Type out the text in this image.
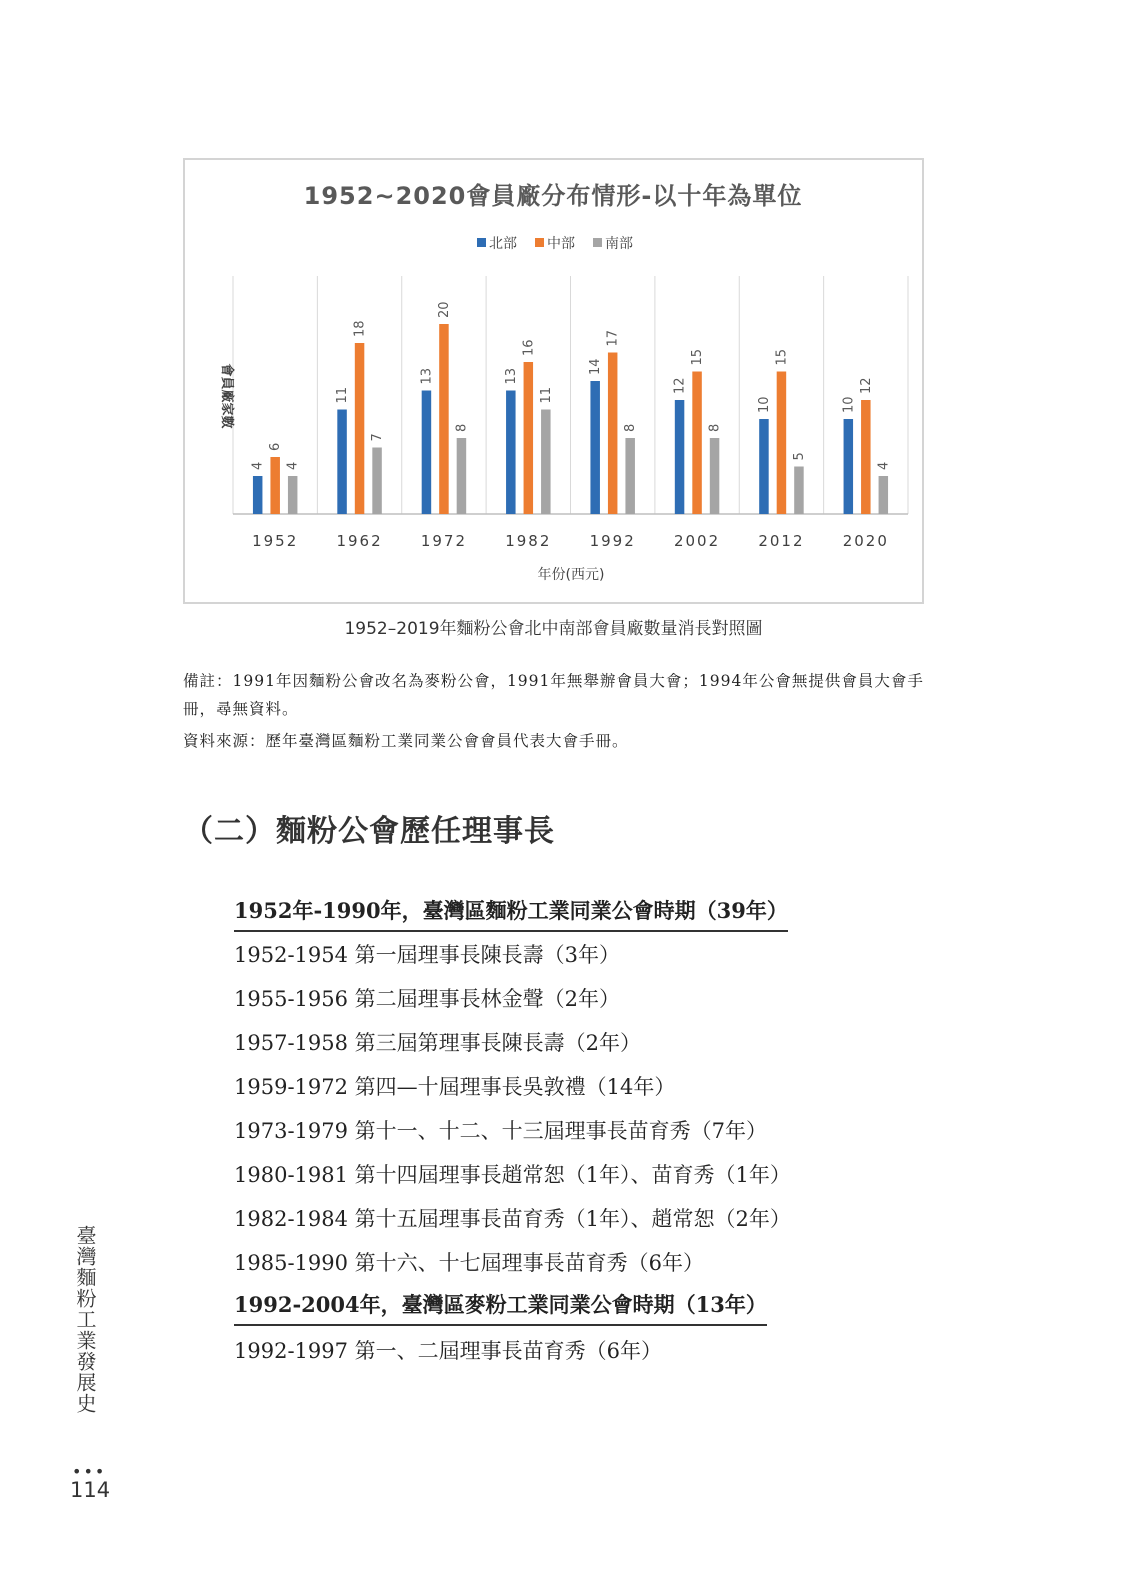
1952~2020會員廠分布情形-以十年為單位
北部 中部 南部
4
6
4
1952
11
18
7
1962
13
20
8
1972
13
16
11
1982
14
17
8
1992
12
15
8
2002
10
15
5
2012
10
12
4
2020
年份(西元)
會員廠家數
1952–2019年麵粉公會北中南部會員廠數量消長對照圖
備註：1991年因麵粉公會改名為麥粉公會，1991年無舉辦會員大會；1994年公會無提供會員大會手冊，尋無資料。
資料來源：歷年臺灣區麵粉工業同業公會會員代表大會手冊。
（二）麵粉公會歷任理事長
1952年-1990年，臺灣區麵粉工業同業公會時期（39年）
1952-1954 第一屆理事長陳長壽（3年）
1955-1956 第二屆理事長林金聲（2年）
1957-1958 第三屆第理事長陳長壽（2年）
1959-1972 第四—十屆理事長吳敦禮（14年）
1973-1979 第十一、十二、十三屆理事長苗育秀（7年）
1980-1981 第十四屆理事長趙常恕（1年）、苗育秀（1年）
1982-1984 第十五屆理事長苗育秀（1年）、趙常恕（2年）
1985-1990 第十六、十七屆理事長苗育秀（6年）
1992-2004年，臺灣區麥粉工業同業公會時期（13年）
1992-1997 第一、二屆理事長苗育秀（6年）
臺灣麵粉工業發展史
•••
114
